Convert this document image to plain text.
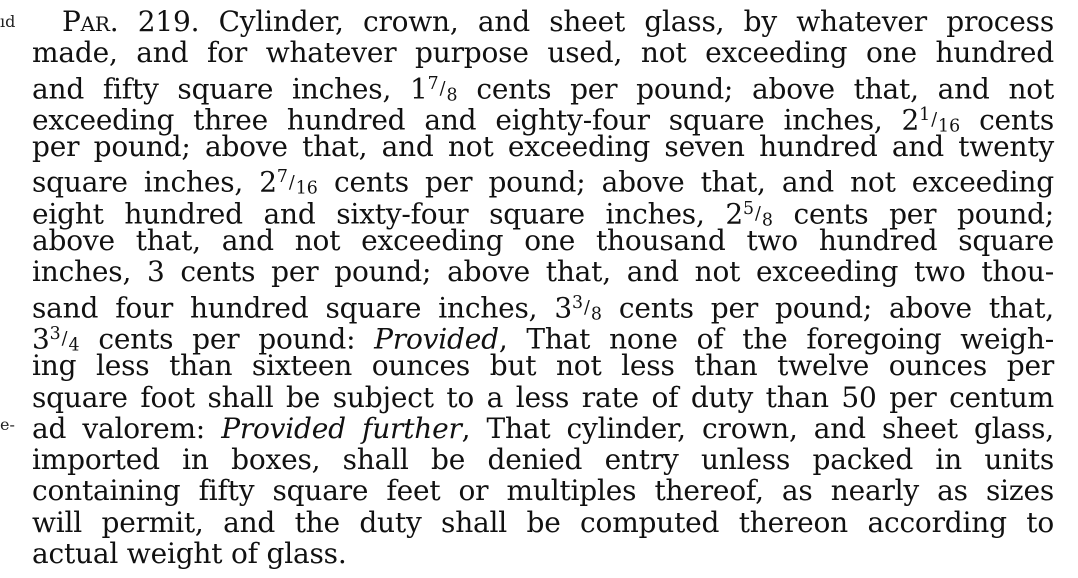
ıd
e-
Par. 219. Cylinder, crown, and sheet glass, by whatever process
made, and for whatever purpose used, not exceeding one hundred
and fifty square inches, 17/8 cents per pound; above that, and not
exceeding three hundred and eighty-four square inches, 21/16 cents
per pound; above that, and not exceeding seven hundred and twenty
square inches, 27/16 cents per pound; above that, and not exceeding
eight hundred and sixty-four square inches, 25/8 cents per pound;
above that, and not exceeding one thousand two hundred square
inches, 3 cents per pound; above that, and not exceeding two thou-
sand four hundred square inches, 33/8 cents per pound; above that,
33/4 cents per pound: Provided, That none of the foregoing weigh-
ing less than sixteen ounces but not less than twelve ounces per
square foot shall be subject to a less rate of duty than 50 per centum
ad valorem: Provided further, That cylinder, crown, and sheet glass,
imported in boxes, shall be denied entry unless packed in units
containing fifty square feet or multiples thereof, as nearly as sizes
will permit, and the duty shall be computed thereon according to
actual weight of glass.
